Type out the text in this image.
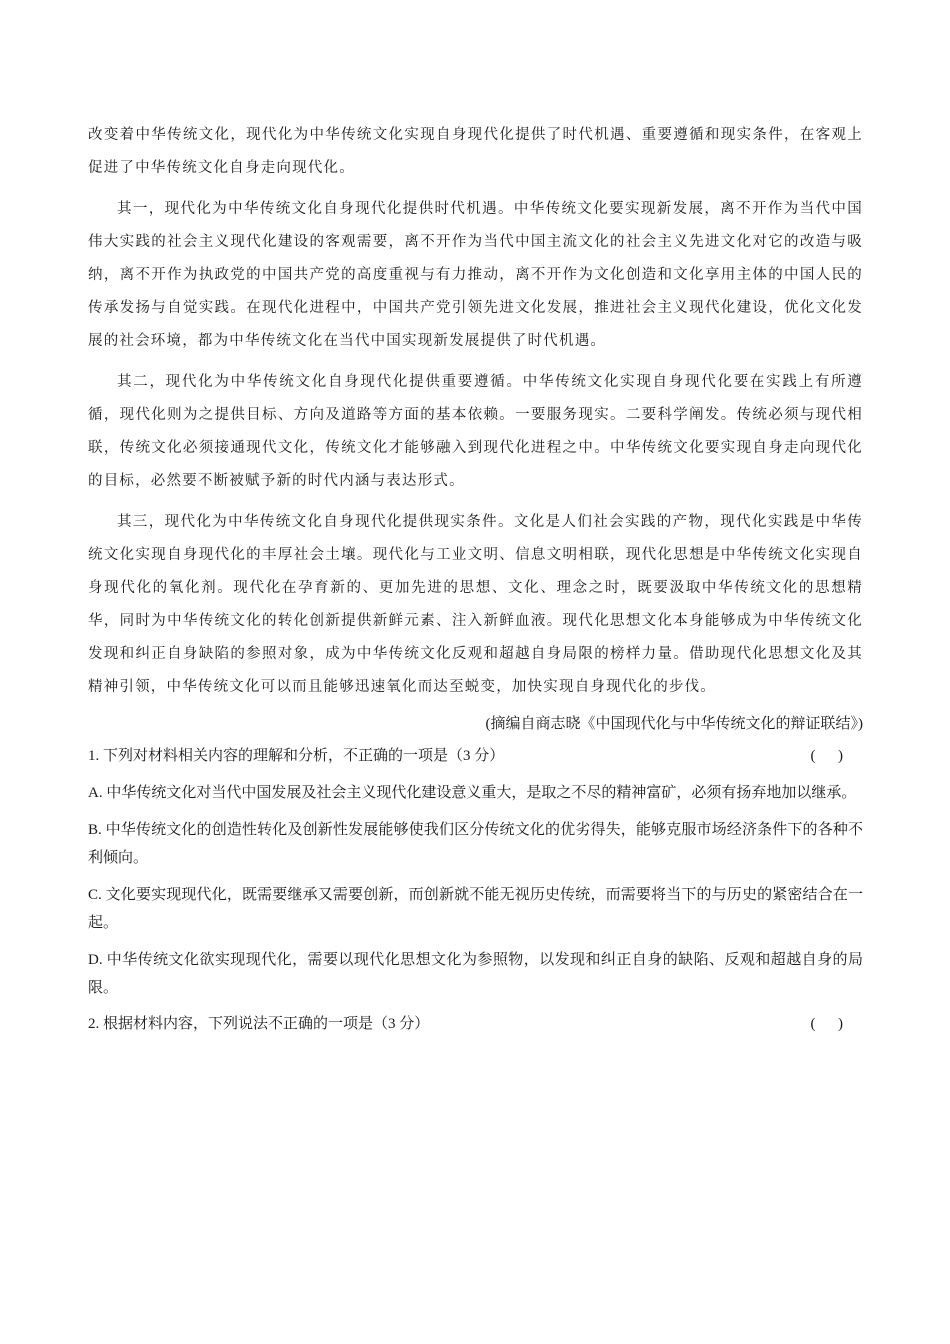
改变着中华传统文化，现代化为中华传统文化实现自身现代化提供了时代机遇、重要遵循和现实条件，在客观上促进了中华传统文化自身走向现代化。

其一，现代化为中华传统文化自身现代化提供时代机遇。中华传统文化要实现新发展，离不开作为当代中国伟大实践的社会主义现代化建设的客观需要，离不开作为当代中国主流文化的社会主义先进文化对它的改造与吸纳，离不开作为执政党的中国共产党的高度重视与有力推动，离不开作为文化创造和文化享用主体的中国人民的传承发扬与自觉实践。在现代化进程中，中国共产党引领先进文化发展，推进社会主义现代化建设，优化文化发展的社会环境，都为中华传统文化在当代中国实现新发展提供了时代机遇。

其二，现代化为中华传统文化自身现代化提供重要遵循。中华传统文化实现自身现代化要在实践上有所遵循，现代化则为之提供目标、方向及道路等方面的基本依赖。一要服务现实。二要科学阐发。传统必须与现代相联，传统文化必须接通现代文化，传统文化才能够融入到现代化进程之中。中华传统文化要实现自身走向现代化的目标，必然要不断被赋予新的时代内涵与表达形式。

其三，现代化为中华传统文化自身现代化提供现实条件。文化是人们社会实践的产物，现代化实践是中华传统文化实现自身现代化的丰厚社会土壤。现代化与工业文明、信息文明相联，现代化思想是中华传统文化实现自身现代化的氧化剂。现代化在孕育新的、更加先进的思想、文化、理念之时，既要汲取中华传统文化的思想精华，同时为中华传统文化的转化创新提供新鲜元素、注入新鲜血液。现代化思想文化本身能够成为中华传统文化发现和纠正自身缺陷的参照对象，成为中华传统文化反观和超越自身局限的榜样力量。借助现代化思想文化及其精神引领，中华传统文化可以而且能够迅速氧化而达至蜕变，加快实现自身现代化的步伐。

(摘编自商志晓《中国现代化与中华传统文化的辩证联结》)
1. 下列对材料相关内容的理解和分析，不正确的一项是（3 分）	(      )
A. 中华传统文化对当代中国发展及社会主义现代化建设意义重大，是取之不尽的精神富矿，必须有扬弃地加以继承。
B. 中华传统文化的创造性转化及创新性发展能够使我们区分传统文化的优劣得失，能够克服市场经济条件下的各种不利倾向。
C. 文化要实现现代化，既需要继承又需要创新，而创新就不能无视历史传统，而需要将当下的与历史的紧密结合在一起。
D. 中华传统文化欲实现现代化，需要以现代化思想文化为参照物，以发现和纠正自身的缺陷、反观和超越自身的局限。
2. 根据材料内容，下列说法不正确的一项是（3 分）	(      )
